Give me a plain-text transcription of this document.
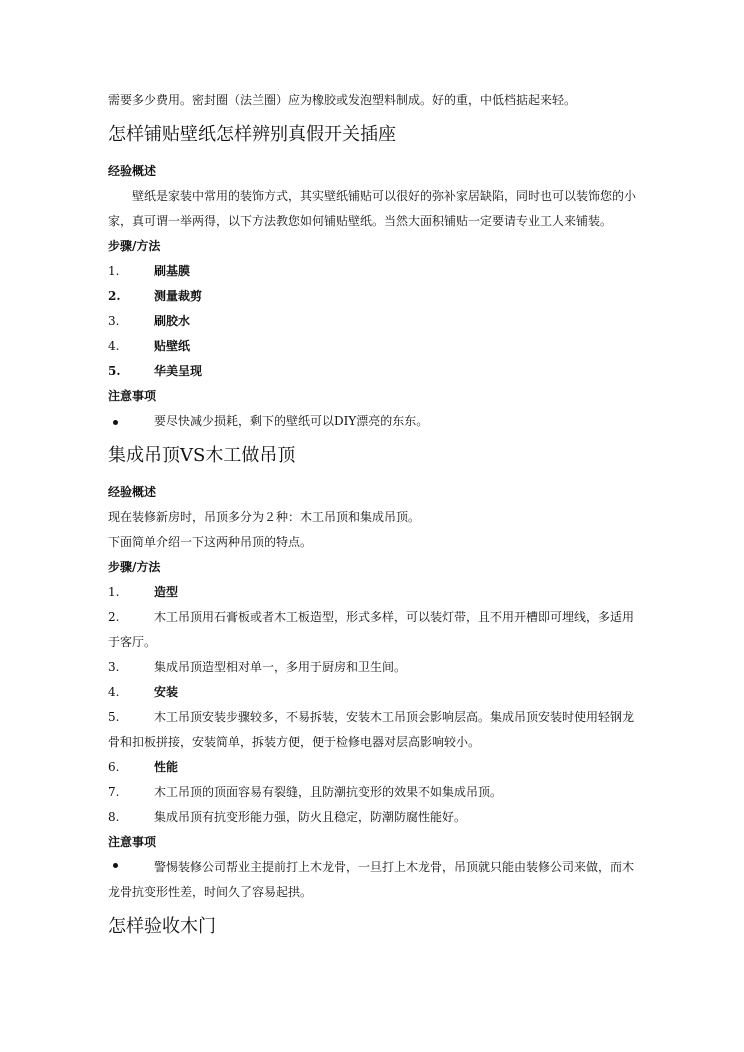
需要多少费用。密封圈（法兰圈）应为橡胶或发泡塑料制成。好的重，中低档掂起来轻。
怎样铺贴壁纸怎样辨别真假开关插座
经验概述
壁纸是家装中常用的装饰方式，其实壁纸铺贴可以很好的弥补家居缺陷，同时也可以装饰您的小家，真可谓一举两得，以下方法教您如何铺贴壁纸。当然大面积铺贴一定要请专业工人来铺装。
步骤/方法
1.	刷基膜
2.	测量裁剪
3.	刷胶水
4.	贴壁纸
5.	华美呈现
注意事项
要尽快减少损耗，剩下的壁纸可以DIY漂亮的东东。
集成吊顶VS木工做吊顶
经验概述
现在装修新房时，吊顶多分为２种：木工吊顶和集成吊顶。
下面简单介绍一下这两种吊顶的特点。
步骤/方法
1.	造型
2.	木工吊顶用石膏板或者木工板造型，形式多样，可以装灯带，且不用开槽即可埋线，多适用于客厅。
3.	集成吊顶造型相对单一，多用于厨房和卫生间。
4.	安装
5.	木工吊顶安装步骤较多，不易拆装，安装木工吊顶会影响层高。集成吊顶安装时使用轻钢龙骨和扣板拼接，安装简单，拆装方便，便于检修电器对层高影响较小。
6.	性能
7.	木工吊顶的顶面容易有裂缝，且防潮抗变形的效果不如集成吊顶。
8.	集成吊顶有抗变形能力强，防火且稳定，防潮防腐性能好。
注意事项
警惕装修公司帮业主提前打上木龙骨，一旦打上木龙骨，吊顶就只能由装修公司来做，而木龙骨抗变形性差，时间久了容易起拱。
怎样验收木门
